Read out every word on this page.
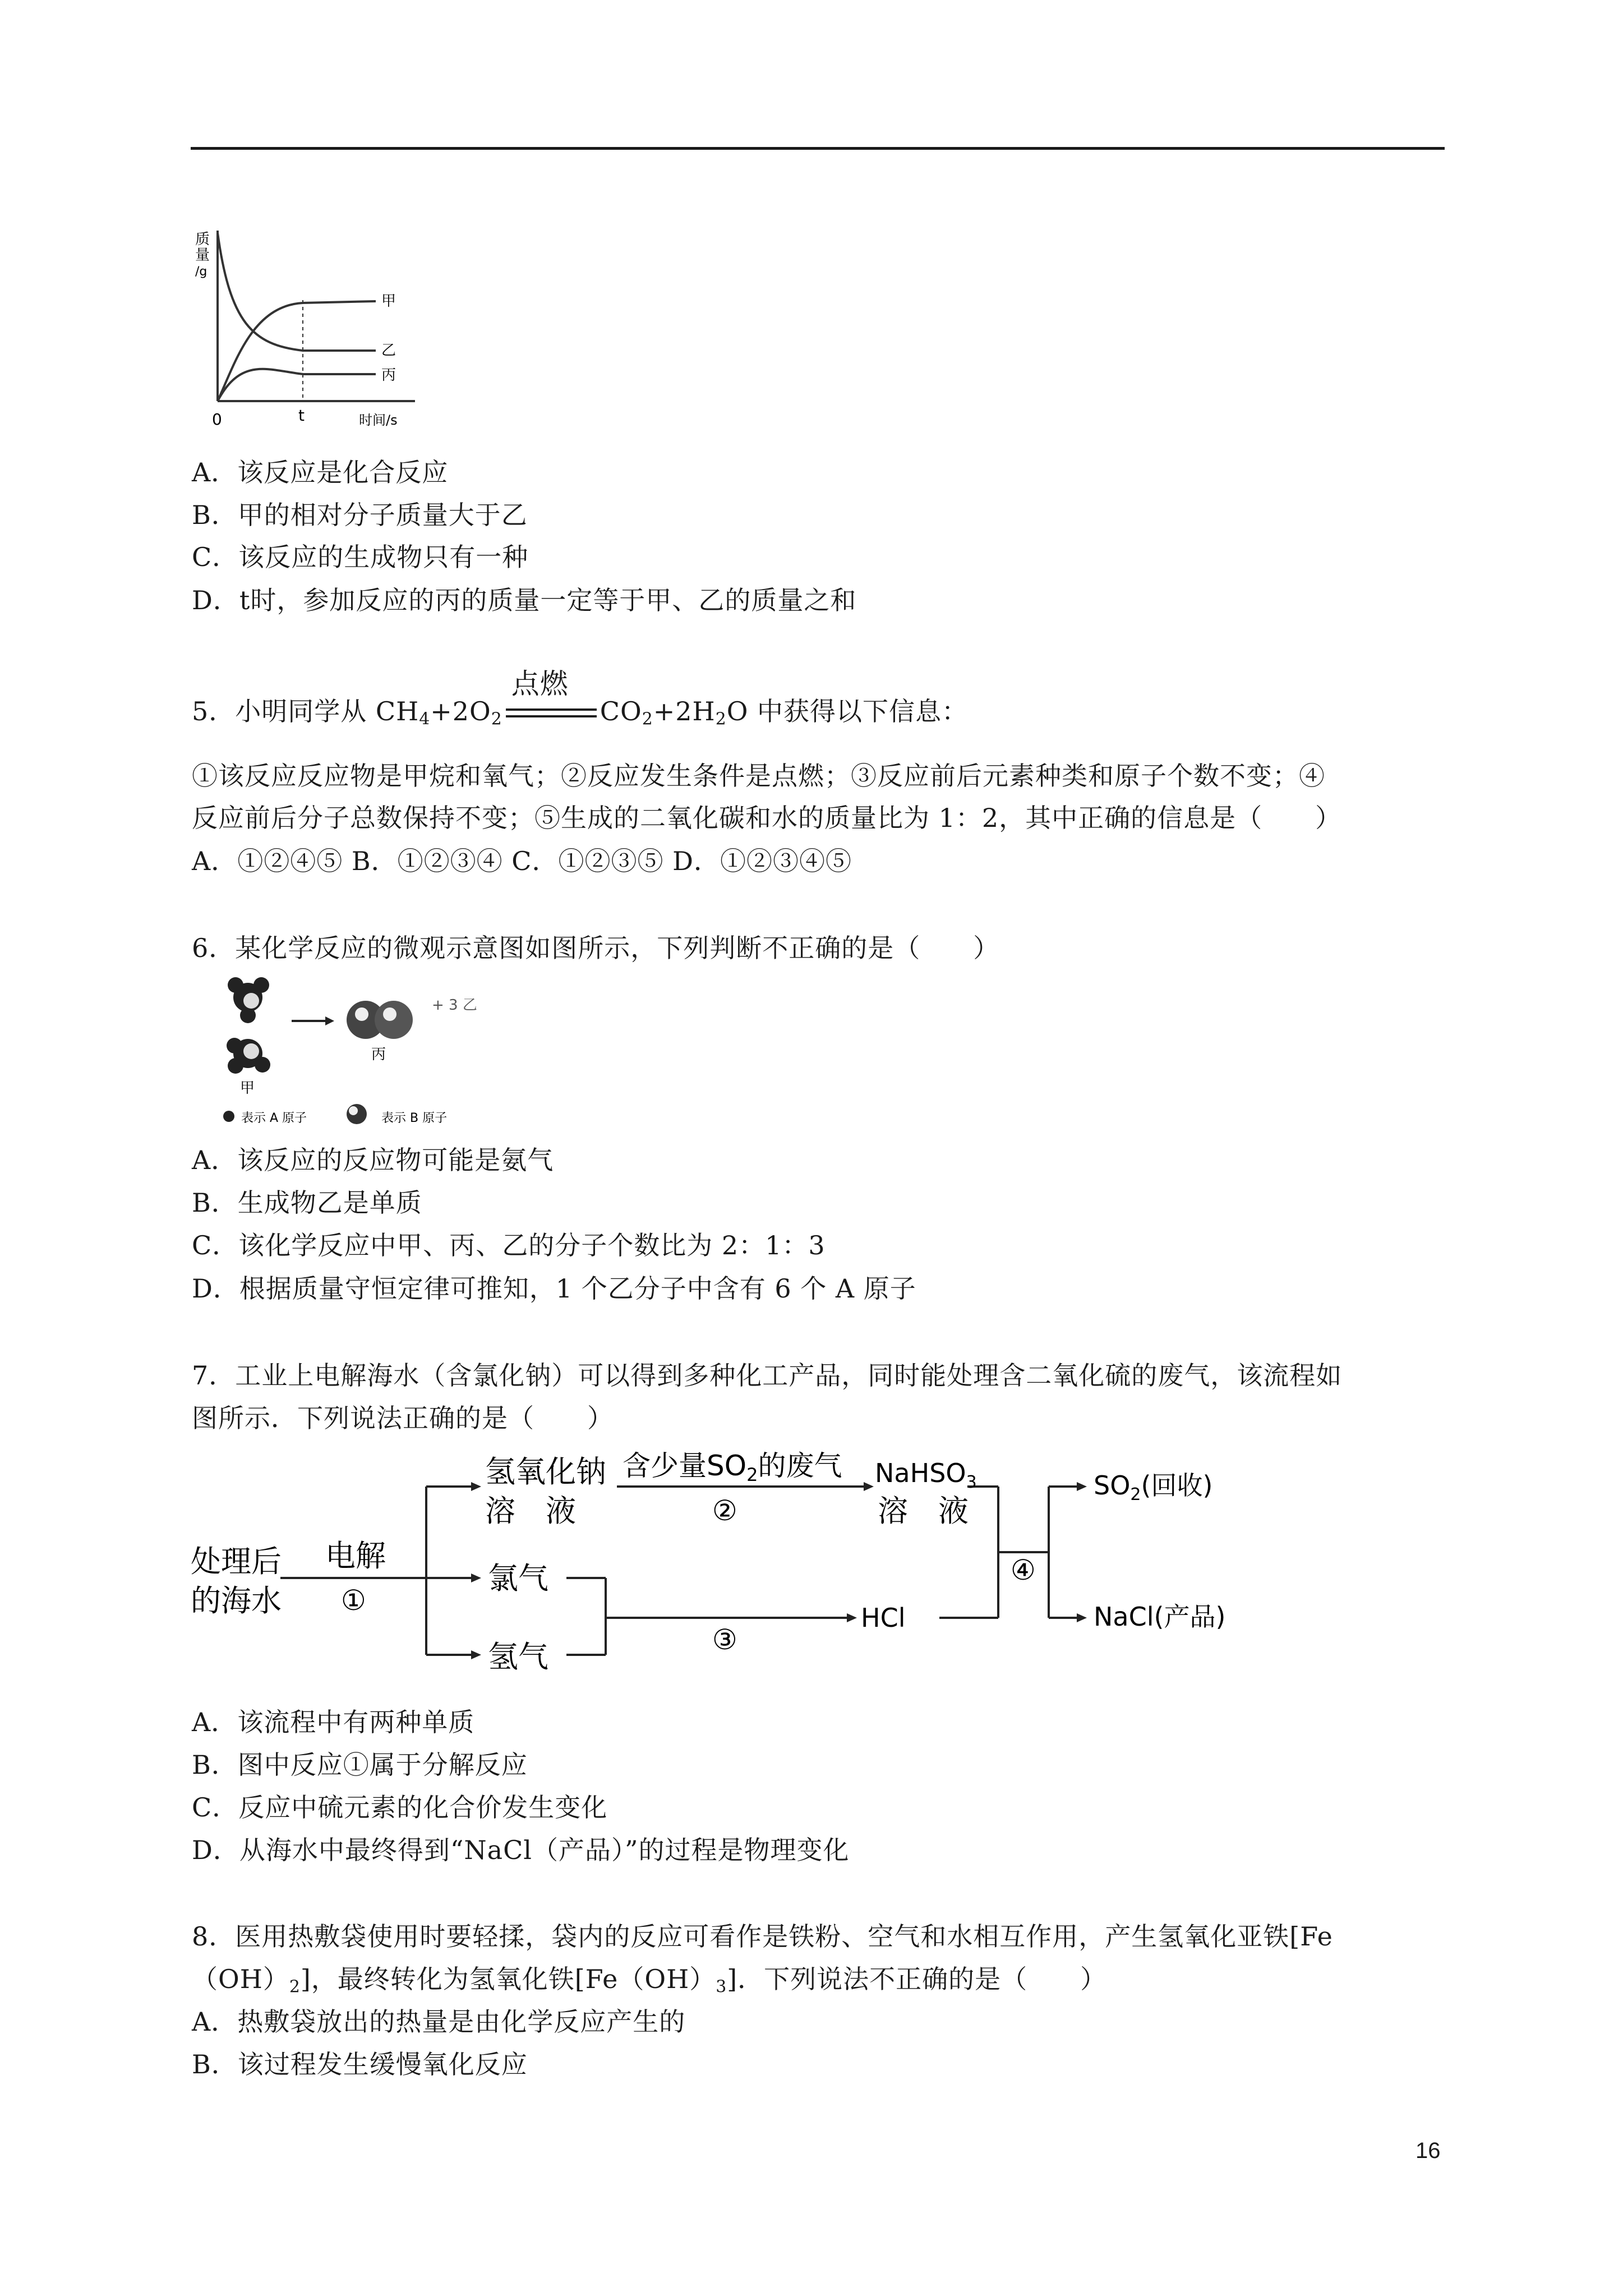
质
量
/g
甲
乙
丙
0	t	时间/s
A．该反应是化合反应
B．甲的相对分子质量大于乙
C．该反应的生成物只有一种
D．t时，参加反应的丙的质量一定等于甲、乙的质量之和
5．小明同学从 $CH_4+2O_2$
点燃
$CO_2+2H_2O$ 中获得以下信息：
①该反应反应物是甲烷和氧气；②反应发生条件是点燃；③反应前后元素种类和原子个数不变；④
反应前后分子总数保持不变；⑤生成的二氧化碳和水的质量比为 1：2，其中正确的信息是（　　）
A．①②④⑤ B．①②③④ C．①②③⑤ D．①②③④⑤
6．某化学反应的微观示意图如图所示，下列判断不正确的是（　　）
+ 3 乙
丙
甲
表示 A 原子	表示 B 原子
A．该反应的反应物可能是氨气
B．生成物乙是单质
C．该化学反应中甲、丙、乙的分子个数比为 2：1：3
D．根据质量守恒定律可推知，1 个乙分子中含有 6 个 A 原子
7．工业上电解海水（含氯化钠）可以得到多种化工产品，同时能处理含二氧化硫的废气，该流程如
图所示．下列说法正确的是（　　）
处理后
的海水
电解
①
氢氧化钠
溶　液
氯气
氢气
含少量$SO_2$的废气
②
NaHSO$_3$
溶　液
③
HCl
④
$SO_2$(回收)
NaCl(产品)
A．该流程中有两种单质
B．图中反应①属于分解反应
C．反应中硫元素的化合价发生变化
D．从海水中最终得到“NaCl（产品）”的过程是物理变化
8．医用热敷袋使用时要轻揉，袋内的反应可看作是铁粉、空气和水相互作用，产生氢氧化亚铁[Fe
$(OH)_2$]，最终转化为氢氧化铁$[Fe(OH)_3]$．下列说法不正确的是（　　）
A．热敷袋放出的热量是由化学反应产生的
B．该过程发生缓慢氧化反应
16
